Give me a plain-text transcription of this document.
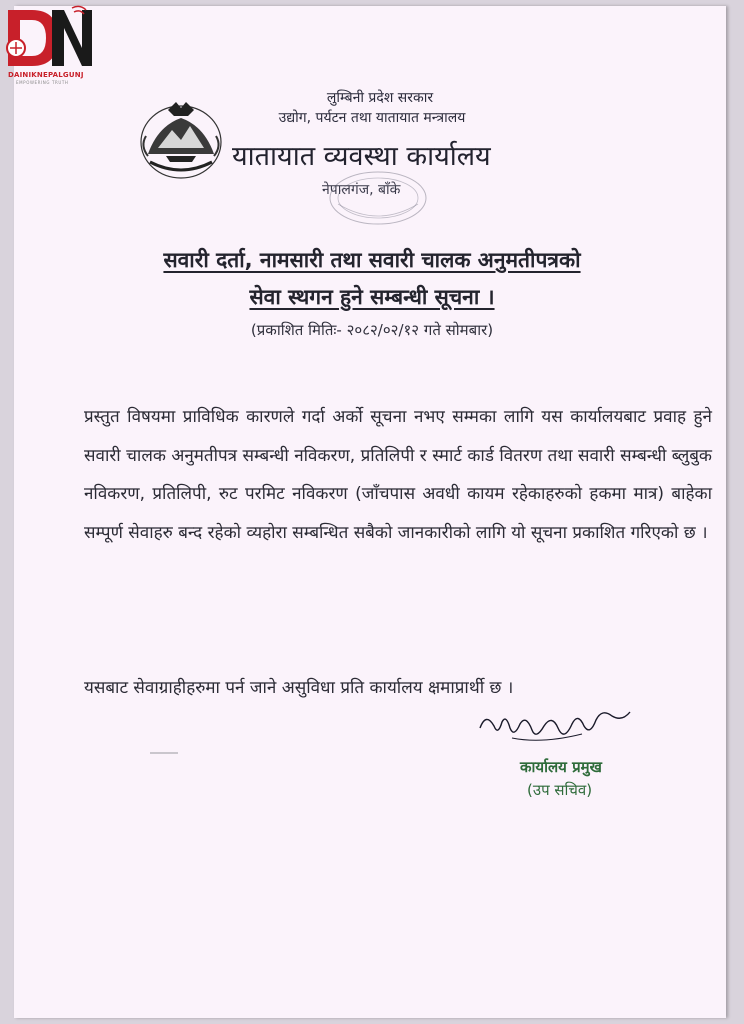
DAINIKNEPALGUNJ
EMPOWERING TRUTH
लुम्बिनी प्रदेश सरकार
उद्योग, पर्यटन तथा यातायात मन्त्रालय
यातायात व्यवस्था कार्यालय
नेपालगंज, बाँके
सवारी दर्ता, नामसारी तथा सवारी चालक अनुमतीपत्रको
सेवा स्थगन हुने सम्बन्धी सूचना ।
(प्रकाशित मितिः- २०८२/०२/१२ गते सोमबार)
प्रस्तुत विषयमा प्राविधिक कारणले गर्दा अर्को सूचना नभए सम्मका लागि यस कार्यालयबाट प्रवाह हुने सवारी चालक अनुमतीपत्र सम्बन्धी नविकरण, प्रतिलिपी र स्मार्ट कार्ड वितरण तथा सवारी सम्बन्धी ब्लुबुक नविकरण, प्रतिलिपी, रुट परमिट नविकरण (जाँचपास अवधी कायम रहेकाहरुको हकमा मात्र) बाहेका सम्पूर्ण सेवाहरु बन्द रहेको व्यहोरा सम्बन्धित सबैको जानकारीको लागि यो सूचना प्रकाशित गरिएको छ ।
यसबाट सेवाग्राहीहरुमा पर्न जाने असुविधा प्रति कार्यालय क्षमाप्रार्थी छ ।
कार्यालय प्रमुख
(उप सचिव)
